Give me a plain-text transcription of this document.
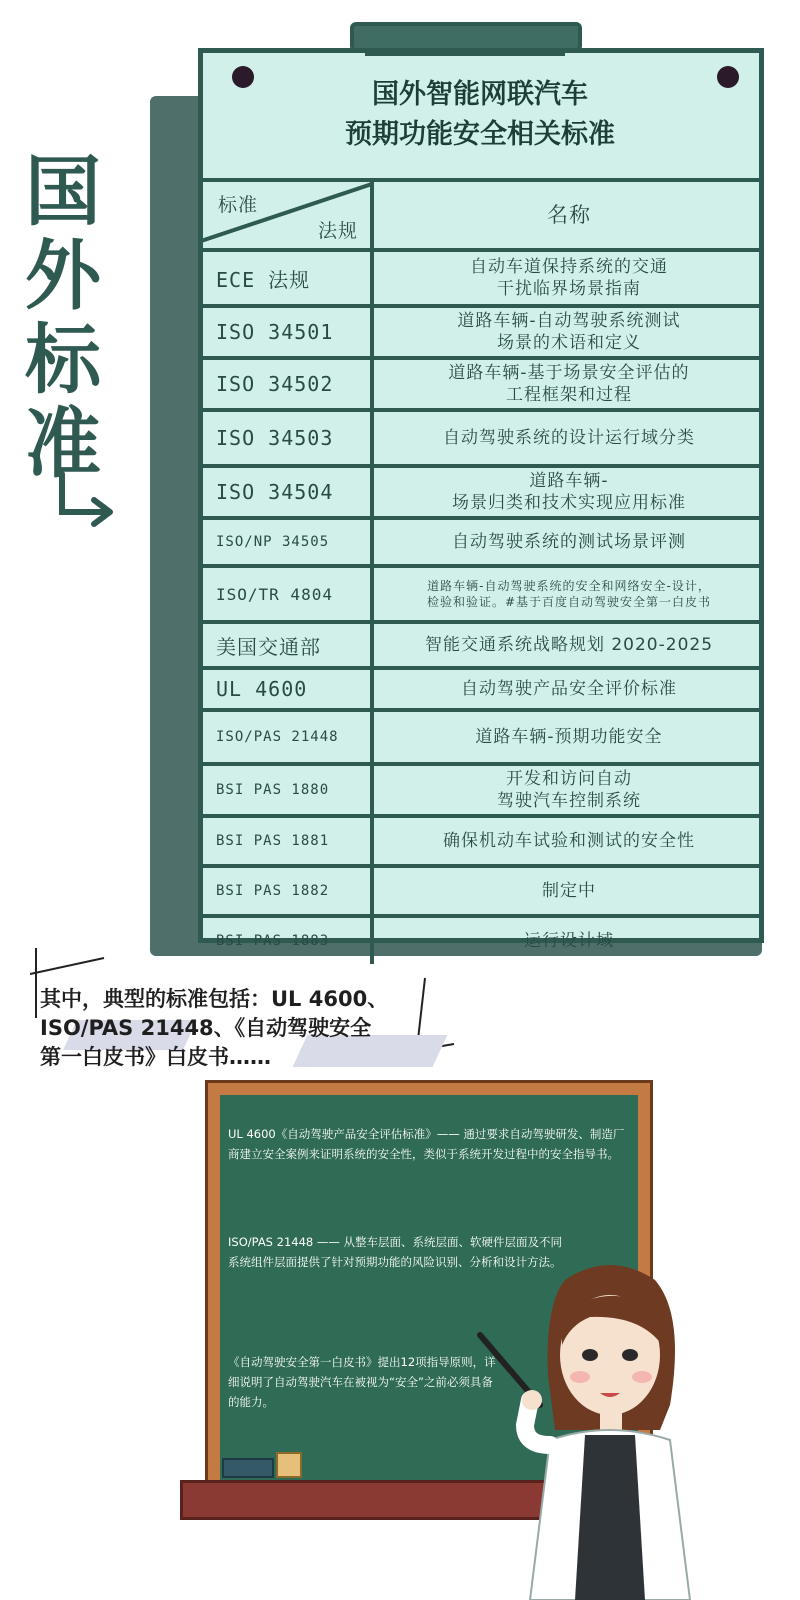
国
外
标
准
国外智能网联汽车
预期功能安全相关标准
标准
法规	名称
ECE 法规	自动车道保持系统的交通
干扰临界场景指南
ISO 34501	道路车辆-自动驾驶系统测试
场景的术语和定义
ISO 34502	道路车辆-基于场景安全评估的
工程框架和过程
ISO 34503	自动驾驶系统的设计运行域分类
ISO 34504	道路车辆-
场景归类和技术实现应用标准
ISO/NP 34505	自动驾驶系统的测试场景评测
ISO/TR 4804	道路车辆-自动驾驶系统的安全和网络安全-设计，
检验和验证。#基于百度自动驾驶安全第一白皮书
美国交通部	智能交通系统战略规划 2020-2025
UL 4600	自动驾驶产品安全评价标准
ISO/PAS 21448	道路车辆-预期功能安全
BSI PAS 1880	开发和访问自动
驾驶汽车控制系统
BSI PAS 1881	确保机动车试验和测试的安全性
BSI PAS 1882	制定中
BSI PAS 1883	运行设计域
其中，典型的标准包括：UL 4600、
ISO/PAS 21448、《自动驾驶安全
第一白皮书》白皮书……
UL 4600《自动驾驶产品安全评估标准》—— 通过要求自动驾驶研发、制造厂商建立安全案例来证明系统的安全性，类似于系统开发过程中的安全指导书。
ISO/PAS 21448 —— 从整车层面、系统层面、软硬件层面及不同系统组件层面提供了针对预期功能的风险识别、分析和设计方法。
《自动驾驶安全第一白皮书》提出12项指导原则，详细说明了自动驾驶汽车在被视为“安全”之前必须具备的能力。
